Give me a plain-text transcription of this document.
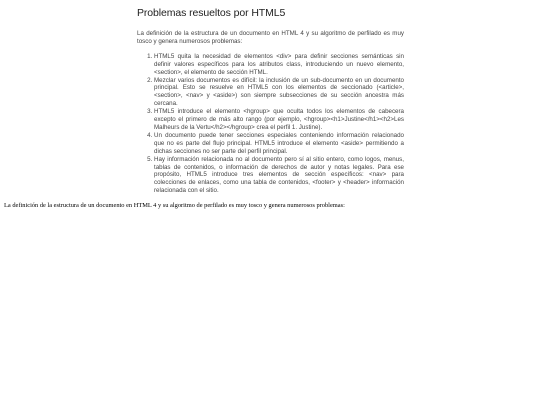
Problemas resueltos por HTML5

La definición de la estructura de un documento en HTML 4 y su algoritmo de perfilado es muy tosco y genera numerosos problemas:

1. HTML5 quita la necesidad de elementos <div> para definir secciones semánticas sin definir valores específicos para los atributos class, introduciendo un nuevo elemento, <section>, el elemento de sección HTML.
2. Mezclar varios documentos es difícil: la inclusión de un sub-documento en un documento principal. Esto se resuelve en HTML5 con los elementos de seccionado (<article>, <section>, <nav> y <aside>) son siempre subsecciones de su sección ancestra más cercana.
3. HTML5 introduce el elemento <hgroup> que oculta todos los elementos de cabecera excepto el primero de más alto rango (por ejemplo, <hgroup><h1>Justine</h1><h2>Les Malheurs de la Vertu</h2></hgroup> crea el perfil 1. Justine).
4. Un documento puede tener secciones especiales conteniendo información relacionado que no es parte del flujo principal. HTML5 introduce el elemento <aside> permitiendo a dichas secciones no ser parte del perfil principal.
5. Hay información relacionada no al documento pero sí al sitio entero, como logos, menus, tablas de contenidos, o información de derechos de autor y notas legales. Para ese propósito, HTML5 introduce tres elementos de sección específicos: <nav> para colecciones de enlaces, como una tabla de contenidos, <footer> y <header> información relacionada con el sitio.

La definición de la estructura de un documento en HTML 4 y su algoritmo de perfilado es muy tosco y genera numerosos problemas:
